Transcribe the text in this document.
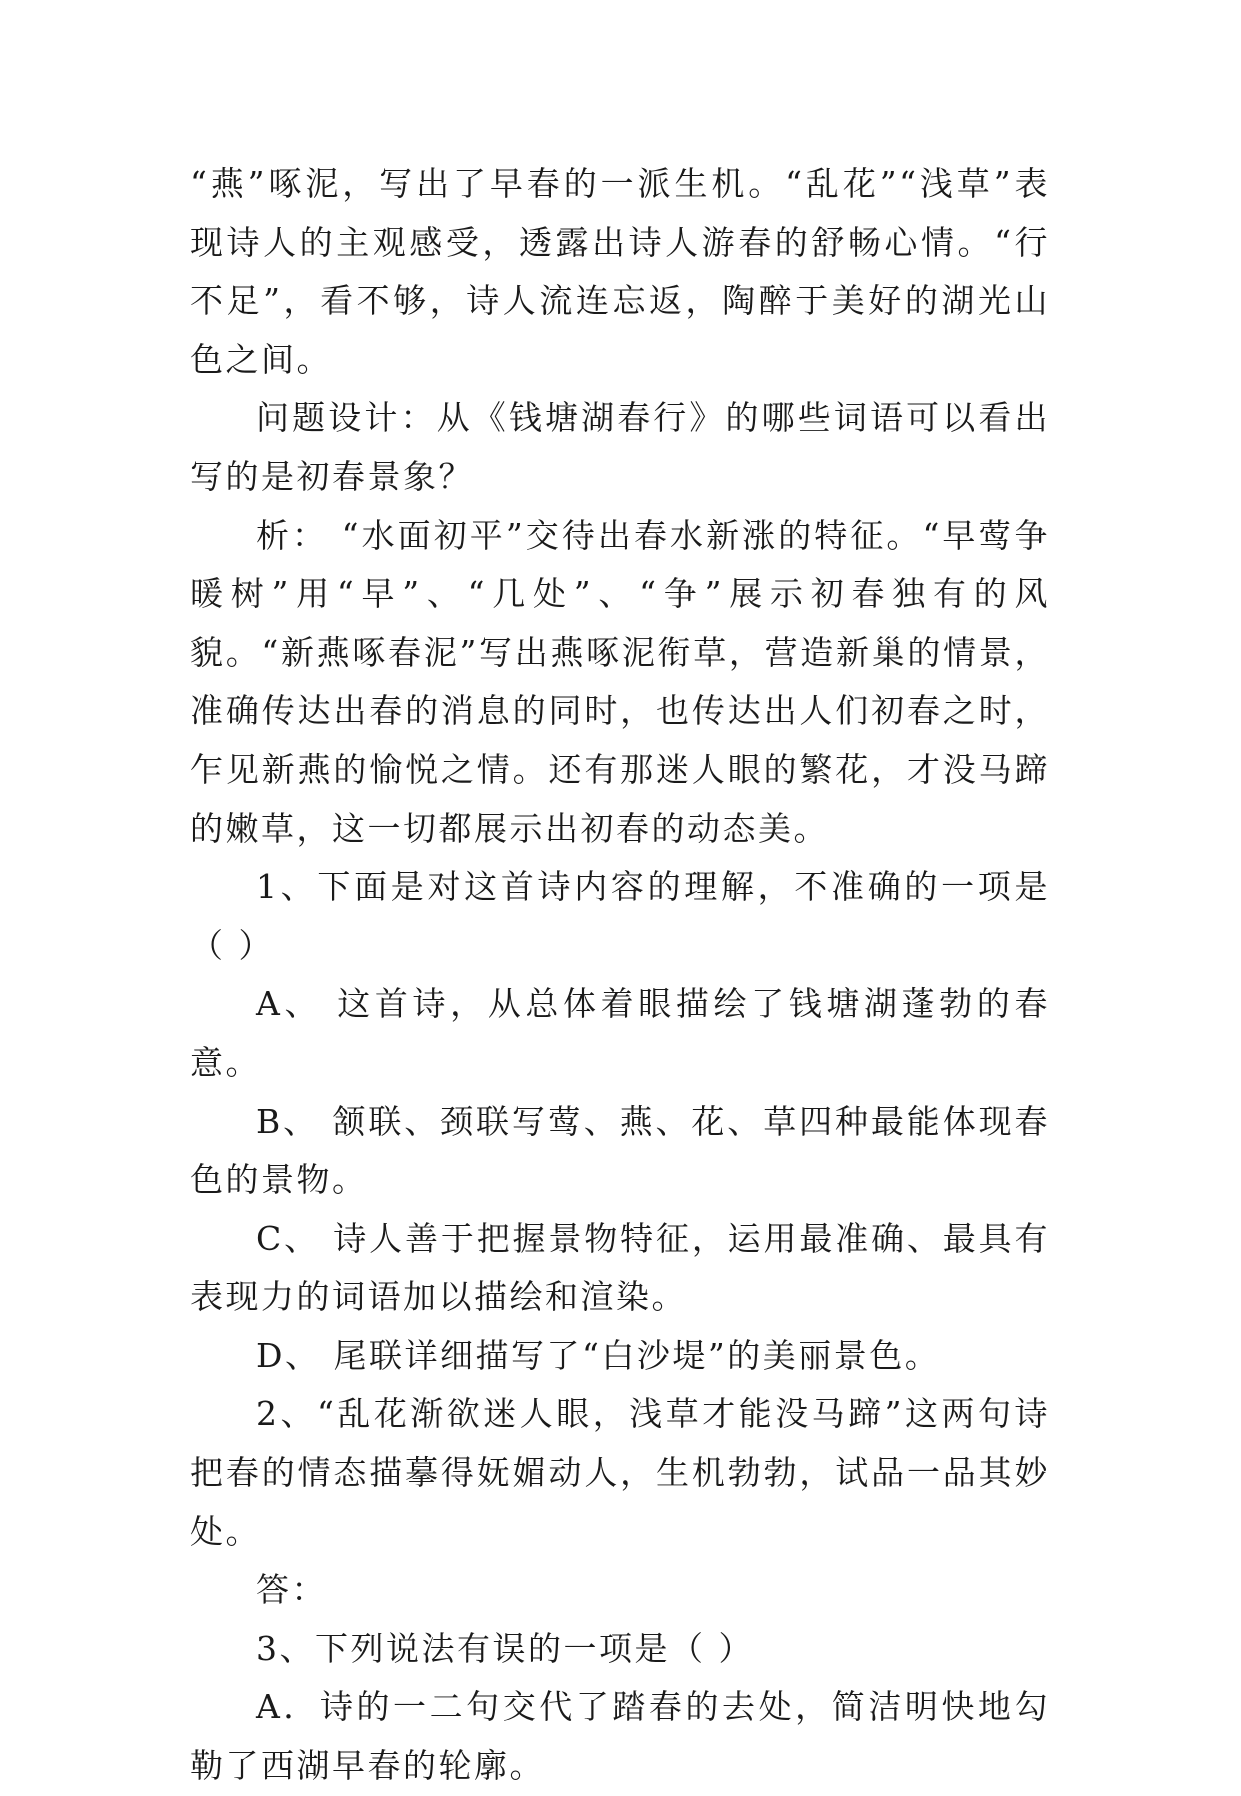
“燕”啄泥，写出了早春的一派生机。“乱花”“浅草”表现诗人的主观感受，透露出诗人游春的舒畅心情。“行不足”，看不够，诗人流连忘返，陶醉于美好的湖光山色之间。

问题设计：从《钱塘湖春行》的哪些词语可以看出写的是初春景象？

析： “水面初平”交待出春水新涨的特征。“早莺争暖树”用“早”、“几处”、“争”展示初春独有的风貌。“新燕啄春泥”写出燕啄泥衔草，营造新巢的情景，准确传达出春的消息的同时，也传达出人们初春之时，乍见新燕的愉悦之情。还有那迷人眼的繁花，才没马蹄的嫩草，这一切都展示出初春的动态美。

1、下面是对这首诗内容的理解，不准确的一项是（ ）

A、 这首诗，从总体着眼描绘了钱塘湖蓬勃的春意。

B、 颔联、颈联写莺、燕、花、草四种最能体现春色的景物。

C、 诗人善于把握景物特征，运用最准确、最具有表现力的词语加以描绘和渲染。

D、 尾联详细描写了“白沙堤”的美丽景色。

2、“乱花渐欲迷人眼，浅草才能没马蹄”这两句诗把春的情态描摹得妩媚动人，生机勃勃，试品一品其妙处。

答：

3、下列说法有误的一项是（ ）

A．诗的一二句交代了踏春的去处，简洁明快地勾勒了西湖早春的轮廓。
